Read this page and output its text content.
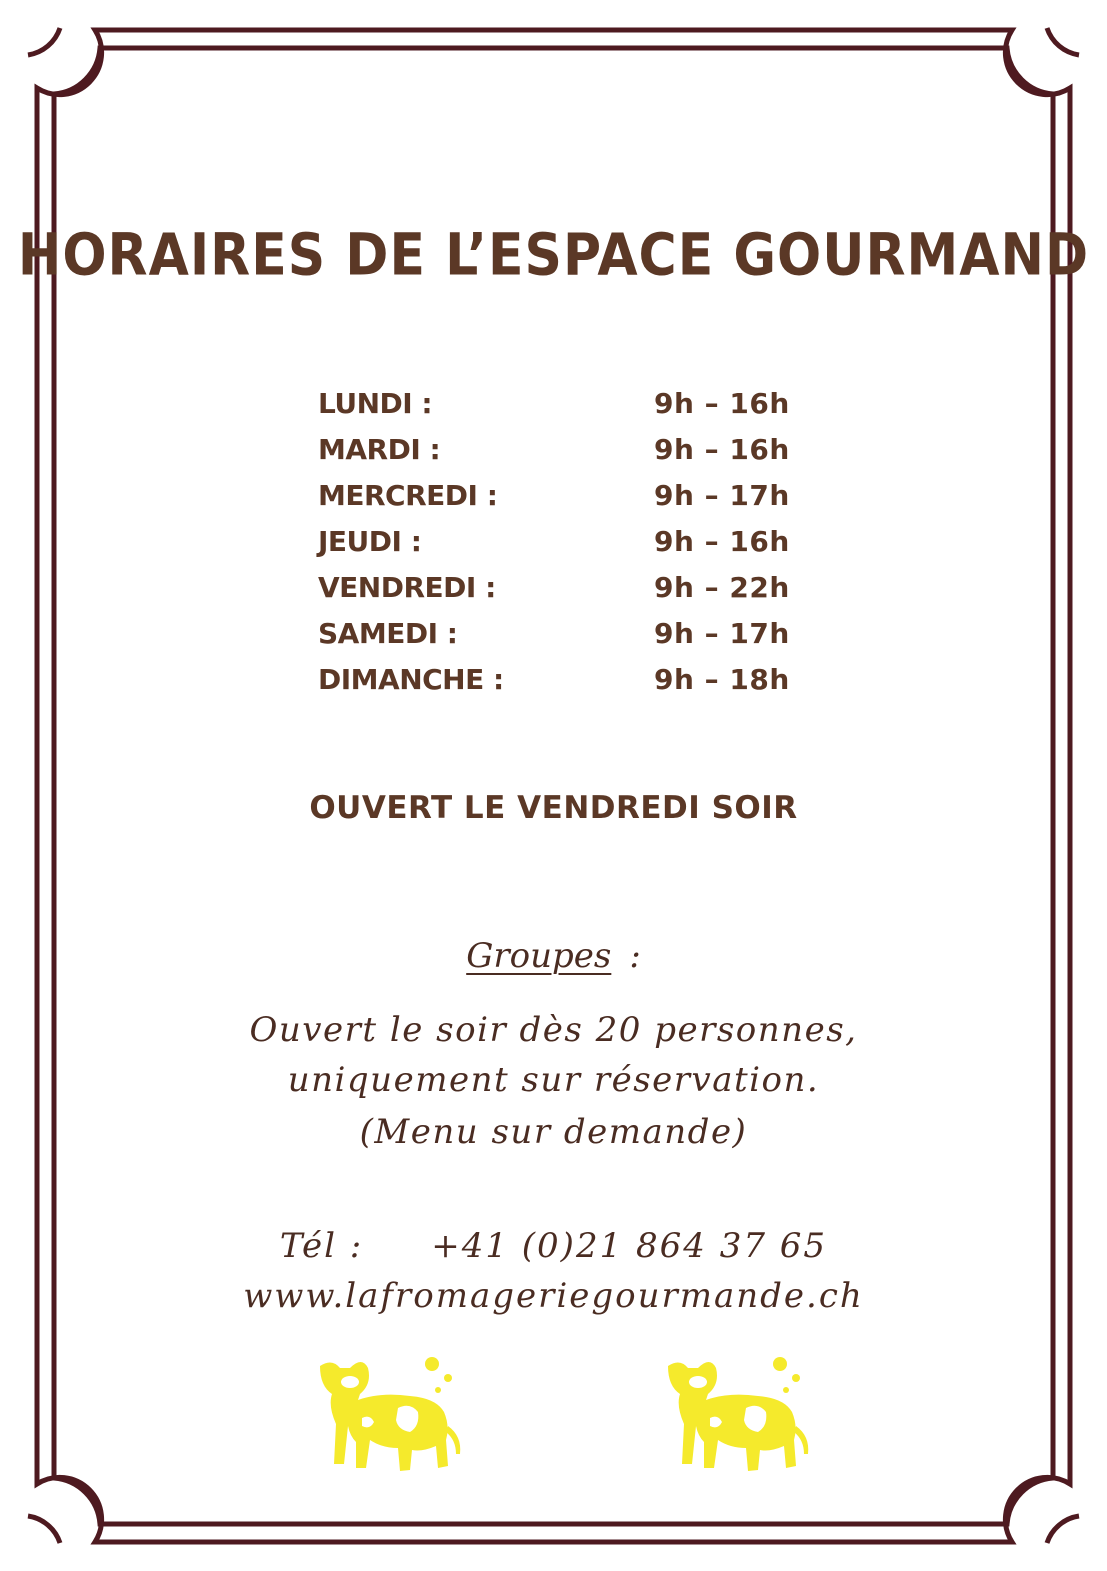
HORAIRES DE L’ESPACE GOURMAND
LUNDI :	9h – 16h
MARDI :	9h – 16h
MERCREDI :	9h – 17h
JEUDI :	9h – 16h
VENDREDI :	9h – 22h
SAMEDI :	9h – 17h
DIMANCHE :	9h – 18h
OUVERT LE VENDREDI SOIR
Groupes :
Ouvert le soir dès 20 personnes,
uniquement sur réservation.
(Menu sur demande)
Tél : +41 (0)21 864 37 65
www.lafromageriegourmande.ch
